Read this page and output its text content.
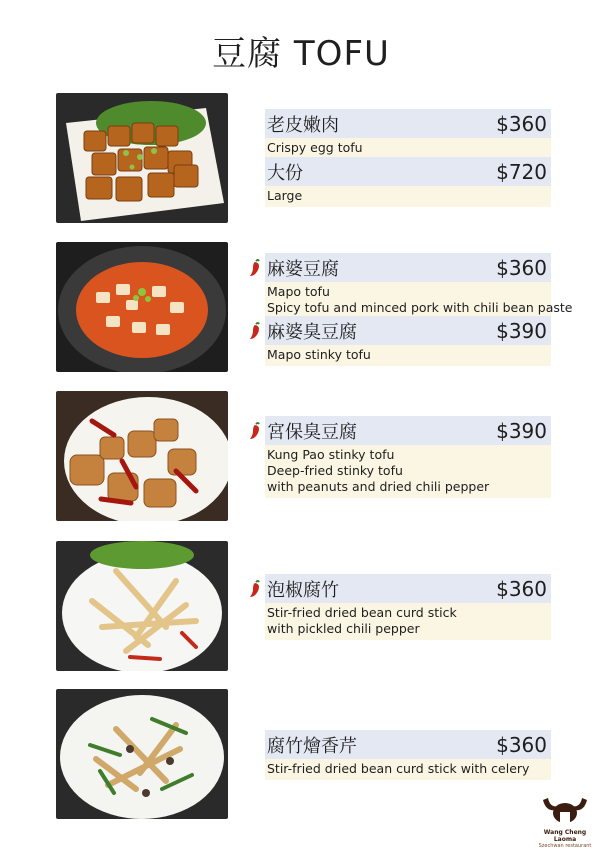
豆腐 TOFU
老皮嫩肉	$360
Crispy egg tofu
大份	$720
Large
麻婆豆腐	$360
Mapo tofu
Spicy tofu and minced pork with chili bean paste
麻婆臭豆腐	$390
Mapo stinky tofu
宮保臭豆腐	$390
Kung Pao stinky tofu
Deep-fried stinky tofu
with peanuts and dried chili pepper
泡椒腐竹	$360
Stir-fried dried bean curd stick
with pickled chili pepper
腐竹燴香芹	$360
Stir-fried dried bean curd stick with celery
Wang Cheng Laoma
Szechwan restaurant
